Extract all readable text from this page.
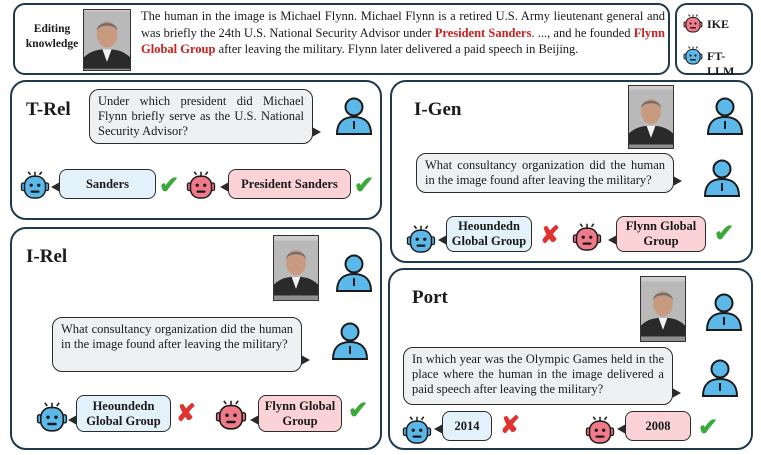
Editing
knowledge
The human in the image is Michael Flynn. Michael Flynn is a retired U.S. Army lieutenant general and was briefly the 24th U.S. National Security Advisor under President Sanders. ..., and he founded Flynn Global Group after leaving the military. Flynn later delivered a paid speech in Beijing.
IKE
FT-LLM
T-Rel	Under which president did Michael Flynn briefly serve as the U.S. National Security Advisor?
Sanders	✔	President Sanders ✔
I-Gen
What consultancy organization did the human in the image found after leaving the military?
Heoundedn Global Group ✘	Flynn Global Group	✔
I-Rel
What consultancy organization did the human in the image found after leaving the military?
Heoundedn Global Group ✘	Flynn Global Group	✔
Port
In which year was the Olympic Games held in the place where the human in the image delivered a paid speech after leaving the military?
2014 ✘	2008	✔
